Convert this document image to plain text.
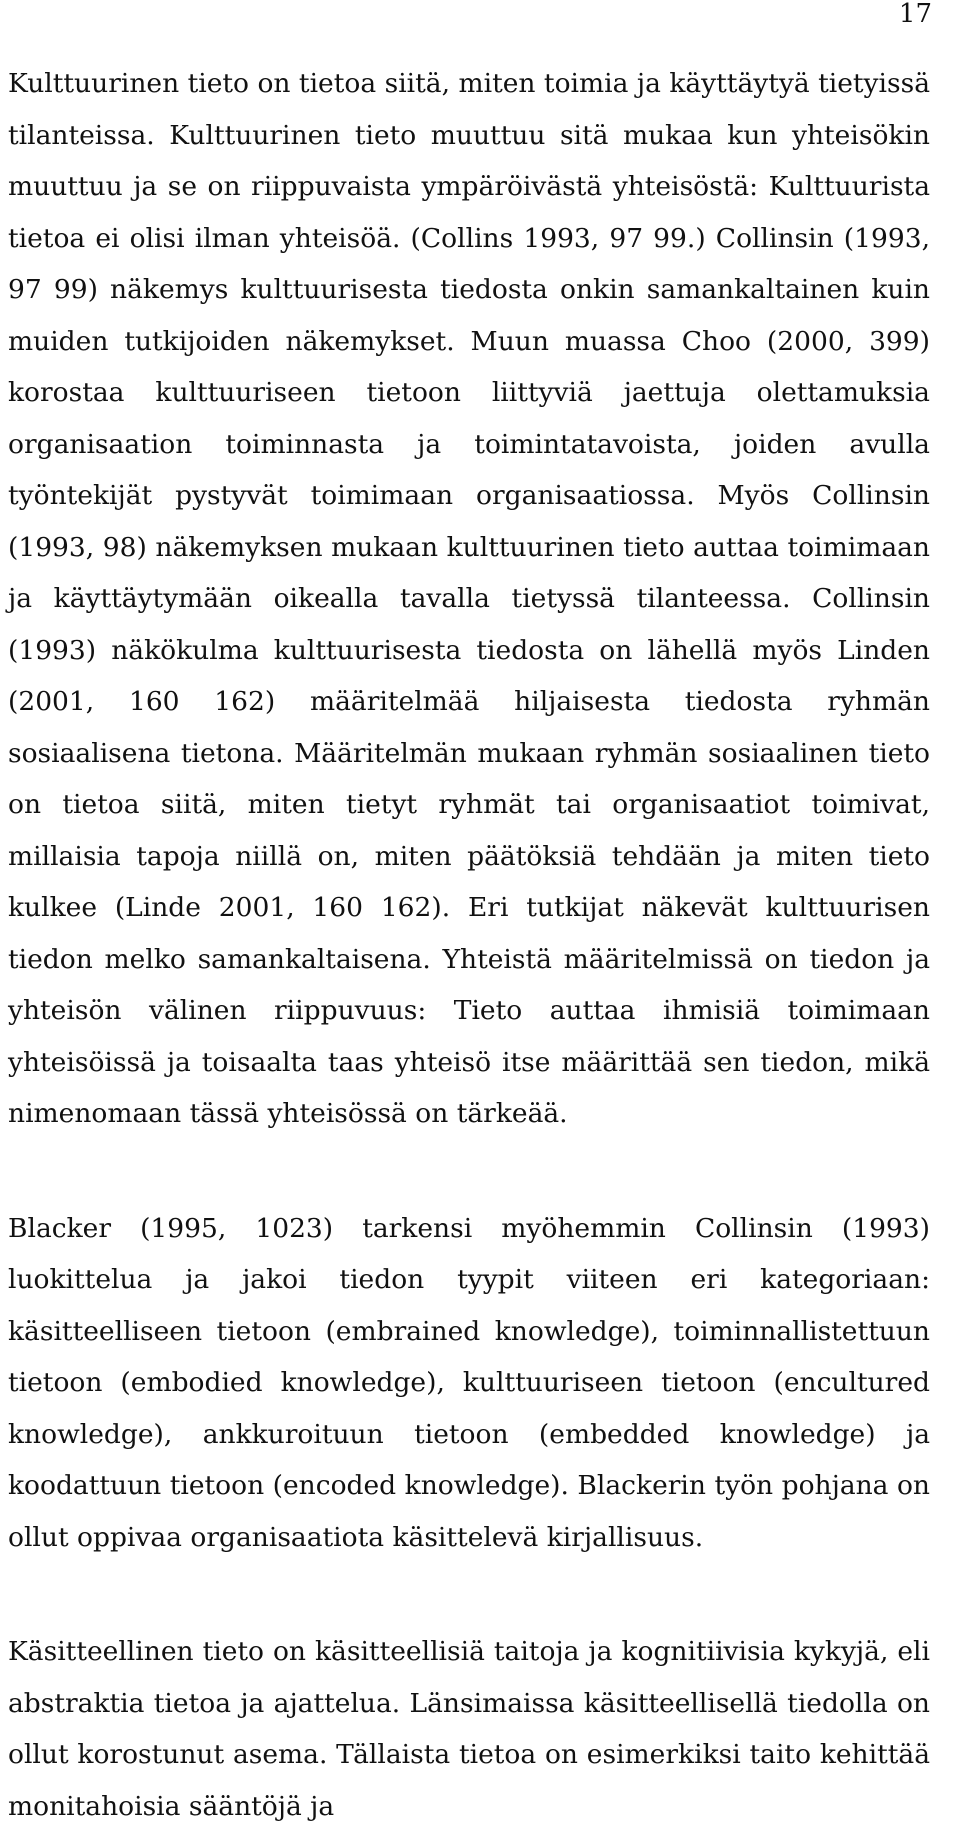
17

Kulttuurinen tieto on tietoa siitä, miten toimia ja käyttäytyä tietyissä tilanteissa. Kulttuurinen tieto muuttuu sitä mukaa kun yhteisökin muuttuu ja se on riippuvaista ympäröivästä yhteisöstä: Kulttuurista tietoa ei olisi ilman yhteisöä. (Collins 1993, 97 99.) Collinsin (1993, 97 99) näkemys kulttuurisesta tiedosta onkin samankaltainen kuin muiden tutkijoiden näkemykset. Muun muassa Choo (2000, 399) korostaa kulttuuriseen tietoon liittyviä jaettuja olettamuksia organisaation toiminnasta ja toimintatavoista, joiden avulla työntekijät pystyvät toimimaan organisaatiossa. Myös Collinsin (1993, 98) näkemyksen mukaan kulttuurinen tieto auttaa toimimaan ja käyttäytymään oikealla tavalla tietyssä tilanteessa. Collinsin (1993) näkökulma kulttuurisesta tiedosta on lähellä myös Linden (2001, 160 162) määritelmää hiljaisesta tiedosta ryhmän sosiaalisena tietona. Määritelmän mukaan ryhmän sosiaalinen tieto on tietoa siitä, miten tietyt ryhmät tai organisaatiot toimivat, millaisia tapoja niillä on, miten päätöksiä tehdään ja miten tieto kulkee (Linde 2001, 160 162). Eri tutkijat näkevät kulttuurisen tiedon melko samankaltaisena. Yhteistä määritelmissä on tiedon ja yhteisön välinen riippuvuus: Tieto auttaa ihmisiä toimimaan yhteisöissä ja toisaalta taas yhteisö itse määrittää sen tiedon, mikä nimenomaan tässä yhteisössä on tärkeää.

Blacker (1995, 1023) tarkensi myöhemmin Collinsin (1993) luokittelua ja jakoi tiedon tyypit viiteen eri kategoriaan: käsitteelliseen tietoon (embrained knowledge), toiminnallistettuun tietoon (embodied knowledge), kulttuuriseen tietoon (encultured knowledge), ankkuroituun tietoon (embedded knowledge) ja koodattuun tietoon (encoded knowledge). Blackerin työn pohjana on ollut oppivaa organisaatiota käsittelevä kirjallisuus.

Käsitteellinen tieto on käsitteellisiä taitoja ja kognitiivisia kykyjä, eli abstraktia tietoa ja ajattelua. Länsimaissa käsitteellisellä tiedolla on ollut korostunut asema. Tällaista tietoa on esimerkiksi taito kehittää monitahoisia sääntöjä ja
